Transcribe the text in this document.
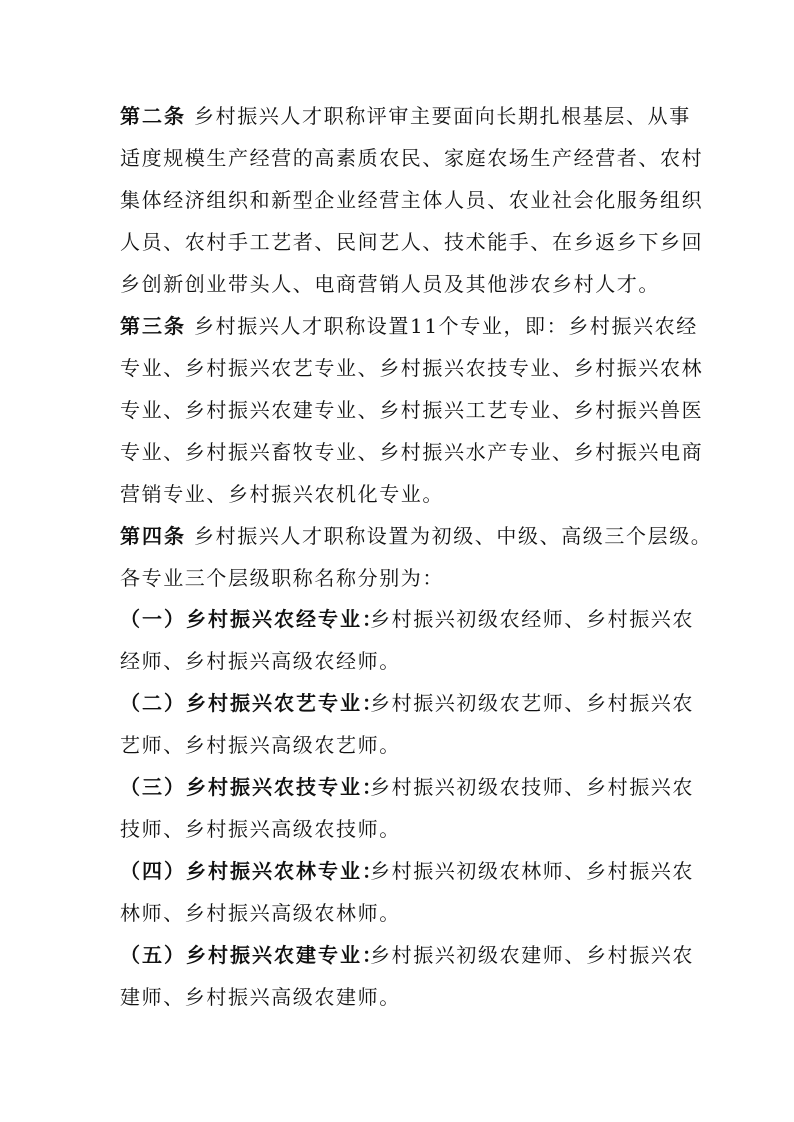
第二条 乡村振兴人才职称评审主要面向长期扎根基层、从事
适度规模生产经营的高素质农民、家庭农场生产经营者、农村
集体经济组织和新型企业经营主体人员、农业社会化服务组织
人员、农村手工艺者、民间艺人、技术能手、在乡返乡下乡回
乡创新创业带头人、电商营销人员及其他涉农乡村人才。
第三条 乡村振兴人才职称设置11个专业，即：乡村振兴农经
专业、乡村振兴农艺专业、乡村振兴农技专业、乡村振兴农林
专业、乡村振兴农建专业、乡村振兴工艺专业、乡村振兴兽医
专业、乡村振兴畜牧专业、乡村振兴水产专业、乡村振兴电商
营销专业、乡村振兴农机化专业。
第四条 乡村振兴人才职称设置为初级、中级、高级三个层级。
各专业三个层级职称名称分别为：
（一）乡村振兴农经专业：
乡村振兴初级农经师、乡村振兴农
经师、乡村振兴高级农经师。
（二）乡村振兴农艺专业：
乡村振兴初级农艺师、乡村振兴农
艺师、乡村振兴高级农艺师。
（三）乡村振兴农技专业：
乡村振兴初级农技师、乡村振兴农
技师、乡村振兴高级农技师。
（四）乡村振兴农林专业：
乡村振兴初级农林师、乡村振兴农
林师、乡村振兴高级农林师。
（五）乡村振兴农建专业：
乡村振兴初级农建师、乡村振兴农
建师、乡村振兴高级农建师。
